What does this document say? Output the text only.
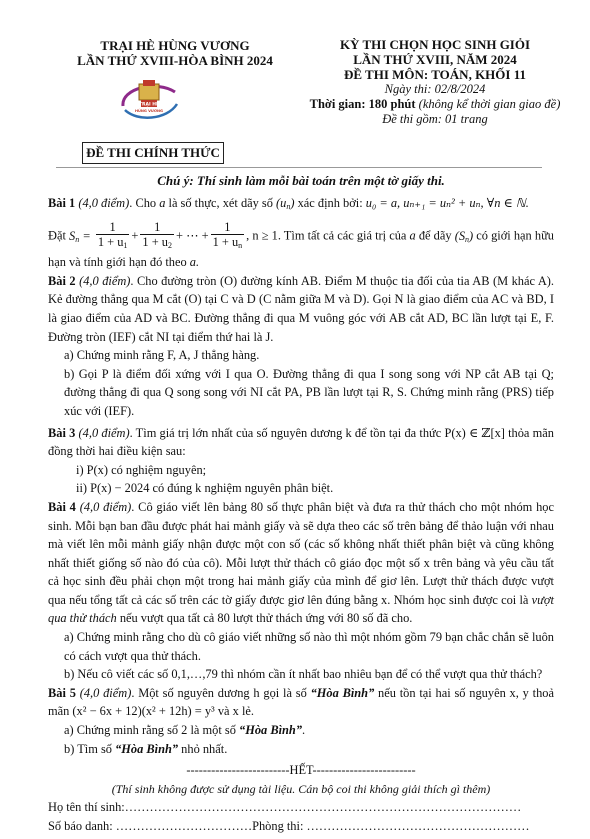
TRẠI HÈ HÙNG VƯƠNG
LẦN THỨ XVIII-HÒA BÌNH 2024
TRẠI HÈ
HÙNG VƯƠNG
KỲ THI CHỌN HỌC SINH GIỎI
LẦN THỨ XVIII, NĂM 2024
ĐỀ THI MÔN: TOÁN, KHỐI 11
Ngày thi: 02/8/2024
Thời gian: 180 phút (không kể thời gian giao đề)
Đề thi gồm: 01 trang
ĐỀ THI CHÍNH THỨC

Chú ý: Thí sinh làm mỗi bài toán trên một tờ giấy thi.

Bài 1 (4,0 điểm). Cho a là số thực, xét dãy số $(u_n)$ xác định bởi: u₀ = a, uₙ₊₁ = uₙ² + uₙ, ∀n ∈ ℕ.

Đặt $S_n = \frac{1}{1 + u_1} + \frac{1}{1 + u_2}$ + ⋯ + $\frac{1}{1 + u_n}$ , n ≥ 1. Tìm tất cả các giá trị của a để dãy $(S_n)$ có giới hạn hữu hạn và tính giới hạn đó theo a.

Bài 2 (4,0 điểm). Cho đường tròn (O) đường kính AB. Điểm M thuộc tia đối của tia AB (M khác A). Kẻ đường thẳng qua M cắt (O) tại C và D (C nằm giữa M và D). Gọi N là giao điểm của AC và BD, I là giao điểm của AD và BC. Đường thẳng đi qua M vuông góc với AB cắt AD, BC lần lượt tại E, F. Đường tròn (IEF) cắt NI tại điểm thứ hai là J.

a) Chứng minh rằng F, A, J thẳng hàng.

b) Gọi P là điểm đối xứng với I qua O. Đường thẳng đi qua I song song với NP cắt AB tại Q; đường thẳng đi qua Q song song với NI cắt PA, PB lần lượt tại R, S. Chứng minh rằng (PRS) tiếp xúc với (IEF).

Bài 3 (4,0 điểm). Tìm giá trị lớn nhất của số nguyên dương k để tồn tại đa thức P(x) ∈ ℤ[x] thỏa mãn đồng thời hai điều kiện sau:

i) P(x) có nghiệm nguyên;

ii) P(x) − 2024 có đúng k nghiệm nguyên phân biệt.

Bài 4 (4,0 điểm). Cô giáo viết lên bảng 80 số thực phân biệt và đưa ra thử thách cho một nhóm học sinh. Mỗi bạn ban đầu được phát hai mảnh giấy và sẽ dựa theo các số trên bảng để thảo luận với nhau mà viết lên mỗi mảnh giấy nhận được một con số (các số không nhất thiết phân biệt và cũng không nhất thiết giống số nào đó của cô). Mỗi lượt thử thách cô giáo đọc một số x trên bảng và yêu cầu tất cả học sinh đều phải chọn một trong hai mảnh giấy của mình để giơ lên. Lượt thử thách được vượt qua nếu tổng tất cả các số trên các tờ giấy được giơ lên đúng bằng x. Nhóm học sinh được coi là vượt qua thử thách nếu vượt qua tất cả 80 lượt thử thách ứng với 80 số đã cho.

a) Chứng minh rằng cho dù cô giáo viết những số nào thì một nhóm gồm 79 bạn chắc chắn sẽ luôn có cách vượt qua thử thách.

b) Nếu cô viết các số 0,1,…,79 thì nhóm cần ít nhất bao nhiêu bạn để có thể vượt qua thử thách?

Bài 5 (4,0 điểm). Một số nguyên dương h gọi là số “Hòa Bình” nếu tồn tại hai số nguyên x, y thoả mãn (x² − 6x + 12)(x² + 12h) = y³ và x lẻ.

a) Chứng minh rằng số 2 là một số “Hòa Bình”.

b) Tìm số “Hòa Bình” nhỏ nhất.

-------------------------HẾT-------------------------

(Thí sinh không được sử dụng tài liệu. Cán bộ coi thi không giải thích gì thêm)

Họ tên thí sinh:……………………………………………………………………………………

Số báo danh: ……………………………Phòng thi: ………………………………………………
